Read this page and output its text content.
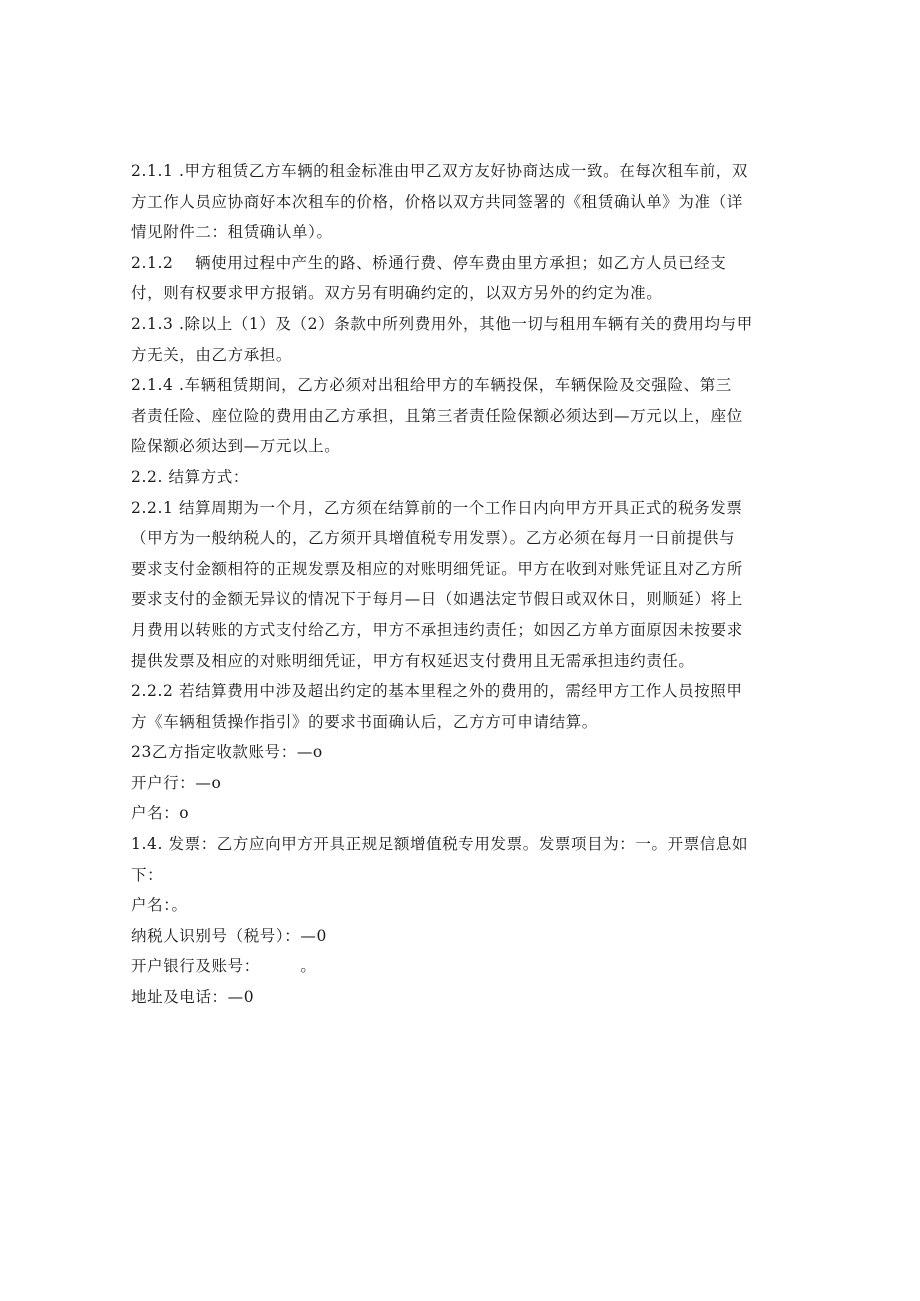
2.1.1 .甲方租赁乙方车辆的租金标准由甲乙双方友好协商达成一致。在每次租车前，双
方工作人员应协商好本次租车的价格，价格以双方共同签署的《租赁确认单》为准（详
情见附件二：租赁确认单）。
2.1.2　 辆使用过程中产生的路、桥通行费、停车费由里方承担；如乙方人员已经支
付，则有权要求甲方报销。双方另有明确约定的，以双方另外的约定为准。
2.1.3 .除以上（1）及（2）条款中所列费用外，其他一切与租用车辆有关的费用均与甲
方无关，由乙方承担。
2.1.4 .车辆租赁期间，乙方必须对出租给甲方的车辆投保，车辆保险及交强险、第三
者责任险、座位险的费用由乙方承担，且第三者责任险保额必须达到—万元以上，座位
险保额必须达到—万元以上。
2.2. 结算方式：
2.2.1 结算周期为一个月，乙方须在结算前的一个工作日内向甲方开具正式的税务发票
（甲方为一般纳税人的，乙方须开具增值税专用发票）。乙方必须在每月一日前提供与
要求支付金额相符的正规发票及相应的对账明细凭证。甲方在收到对账凭证且对乙方所
要求支付的金额无异议的情况下于每月—日（如遇法定节假日或双休日，则顺延）将上
月费用以转账的方式支付给乙方，甲方不承担违约责任；如因乙方单方面原因未按要求
提供发票及相应的对账明细凭证，甲方有权延迟支付费用且无需承担违约责任。
2.2.2 若结算费用中涉及超出约定的基本里程之外的费用的，需经甲方工作人员按照甲
方《车辆租赁操作指引》的要求书面确认后，乙方方可申请结算。
23乙方指定收款账号：—o
开户行：—o
户名：o
1.4. 发票：乙方应向甲方开具正规足额增值税专用发票。发票项目为：一。开票信息如
下：
户名：。
纳税人识别号（税号）：—0
开户银行及账号：　　　。
地址及电话：—0
